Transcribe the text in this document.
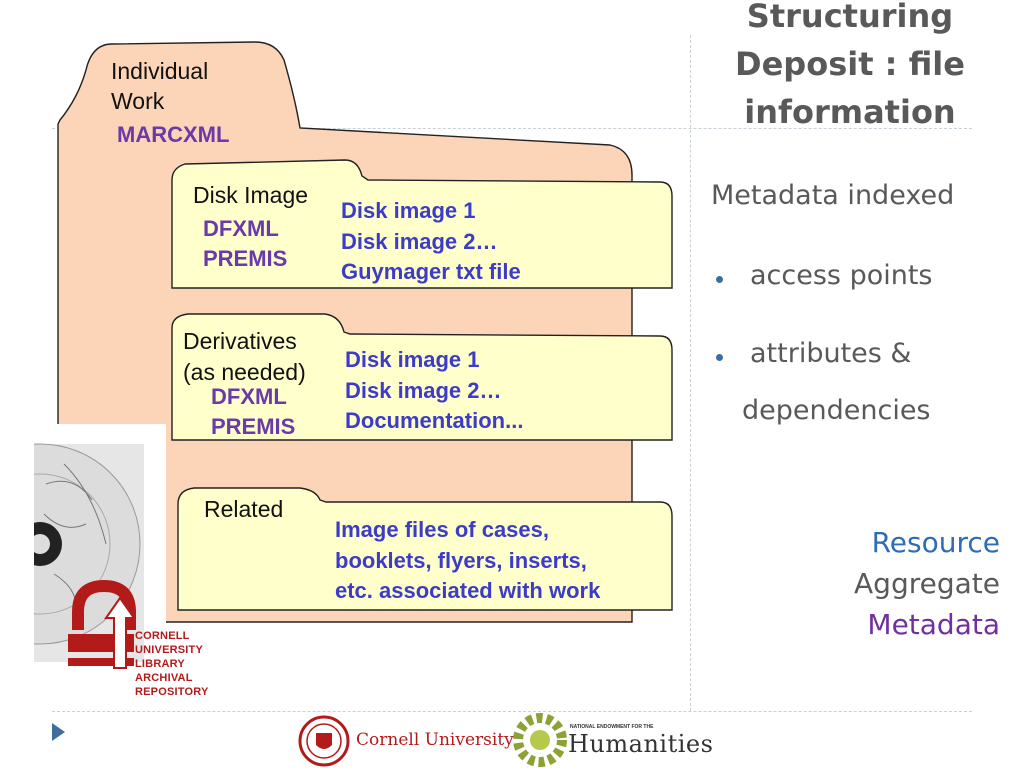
Structuring Deposit : file information
Metadata indexed
access points
attributes &
dependencies
Resource
Aggregate
Metadata
Individual
Work
MARCXML
Disk Image
DFXML
PREMIS
Disk image 1
Disk image 2…
Guymager txt file
Derivatives
(as needed)
DFXML
PREMIS
Disk image 1
Disk image 2…
Documentation...
Related
Image files of cases,
booklets, flyers, inserts,
etc. associated with work
CORNELL
UNIVERSITY
LIBRARY
ARCHIVAL
REPOSITORY
Cornell University
NATIONAL ENDOWMENT FOR THE
Humanities
